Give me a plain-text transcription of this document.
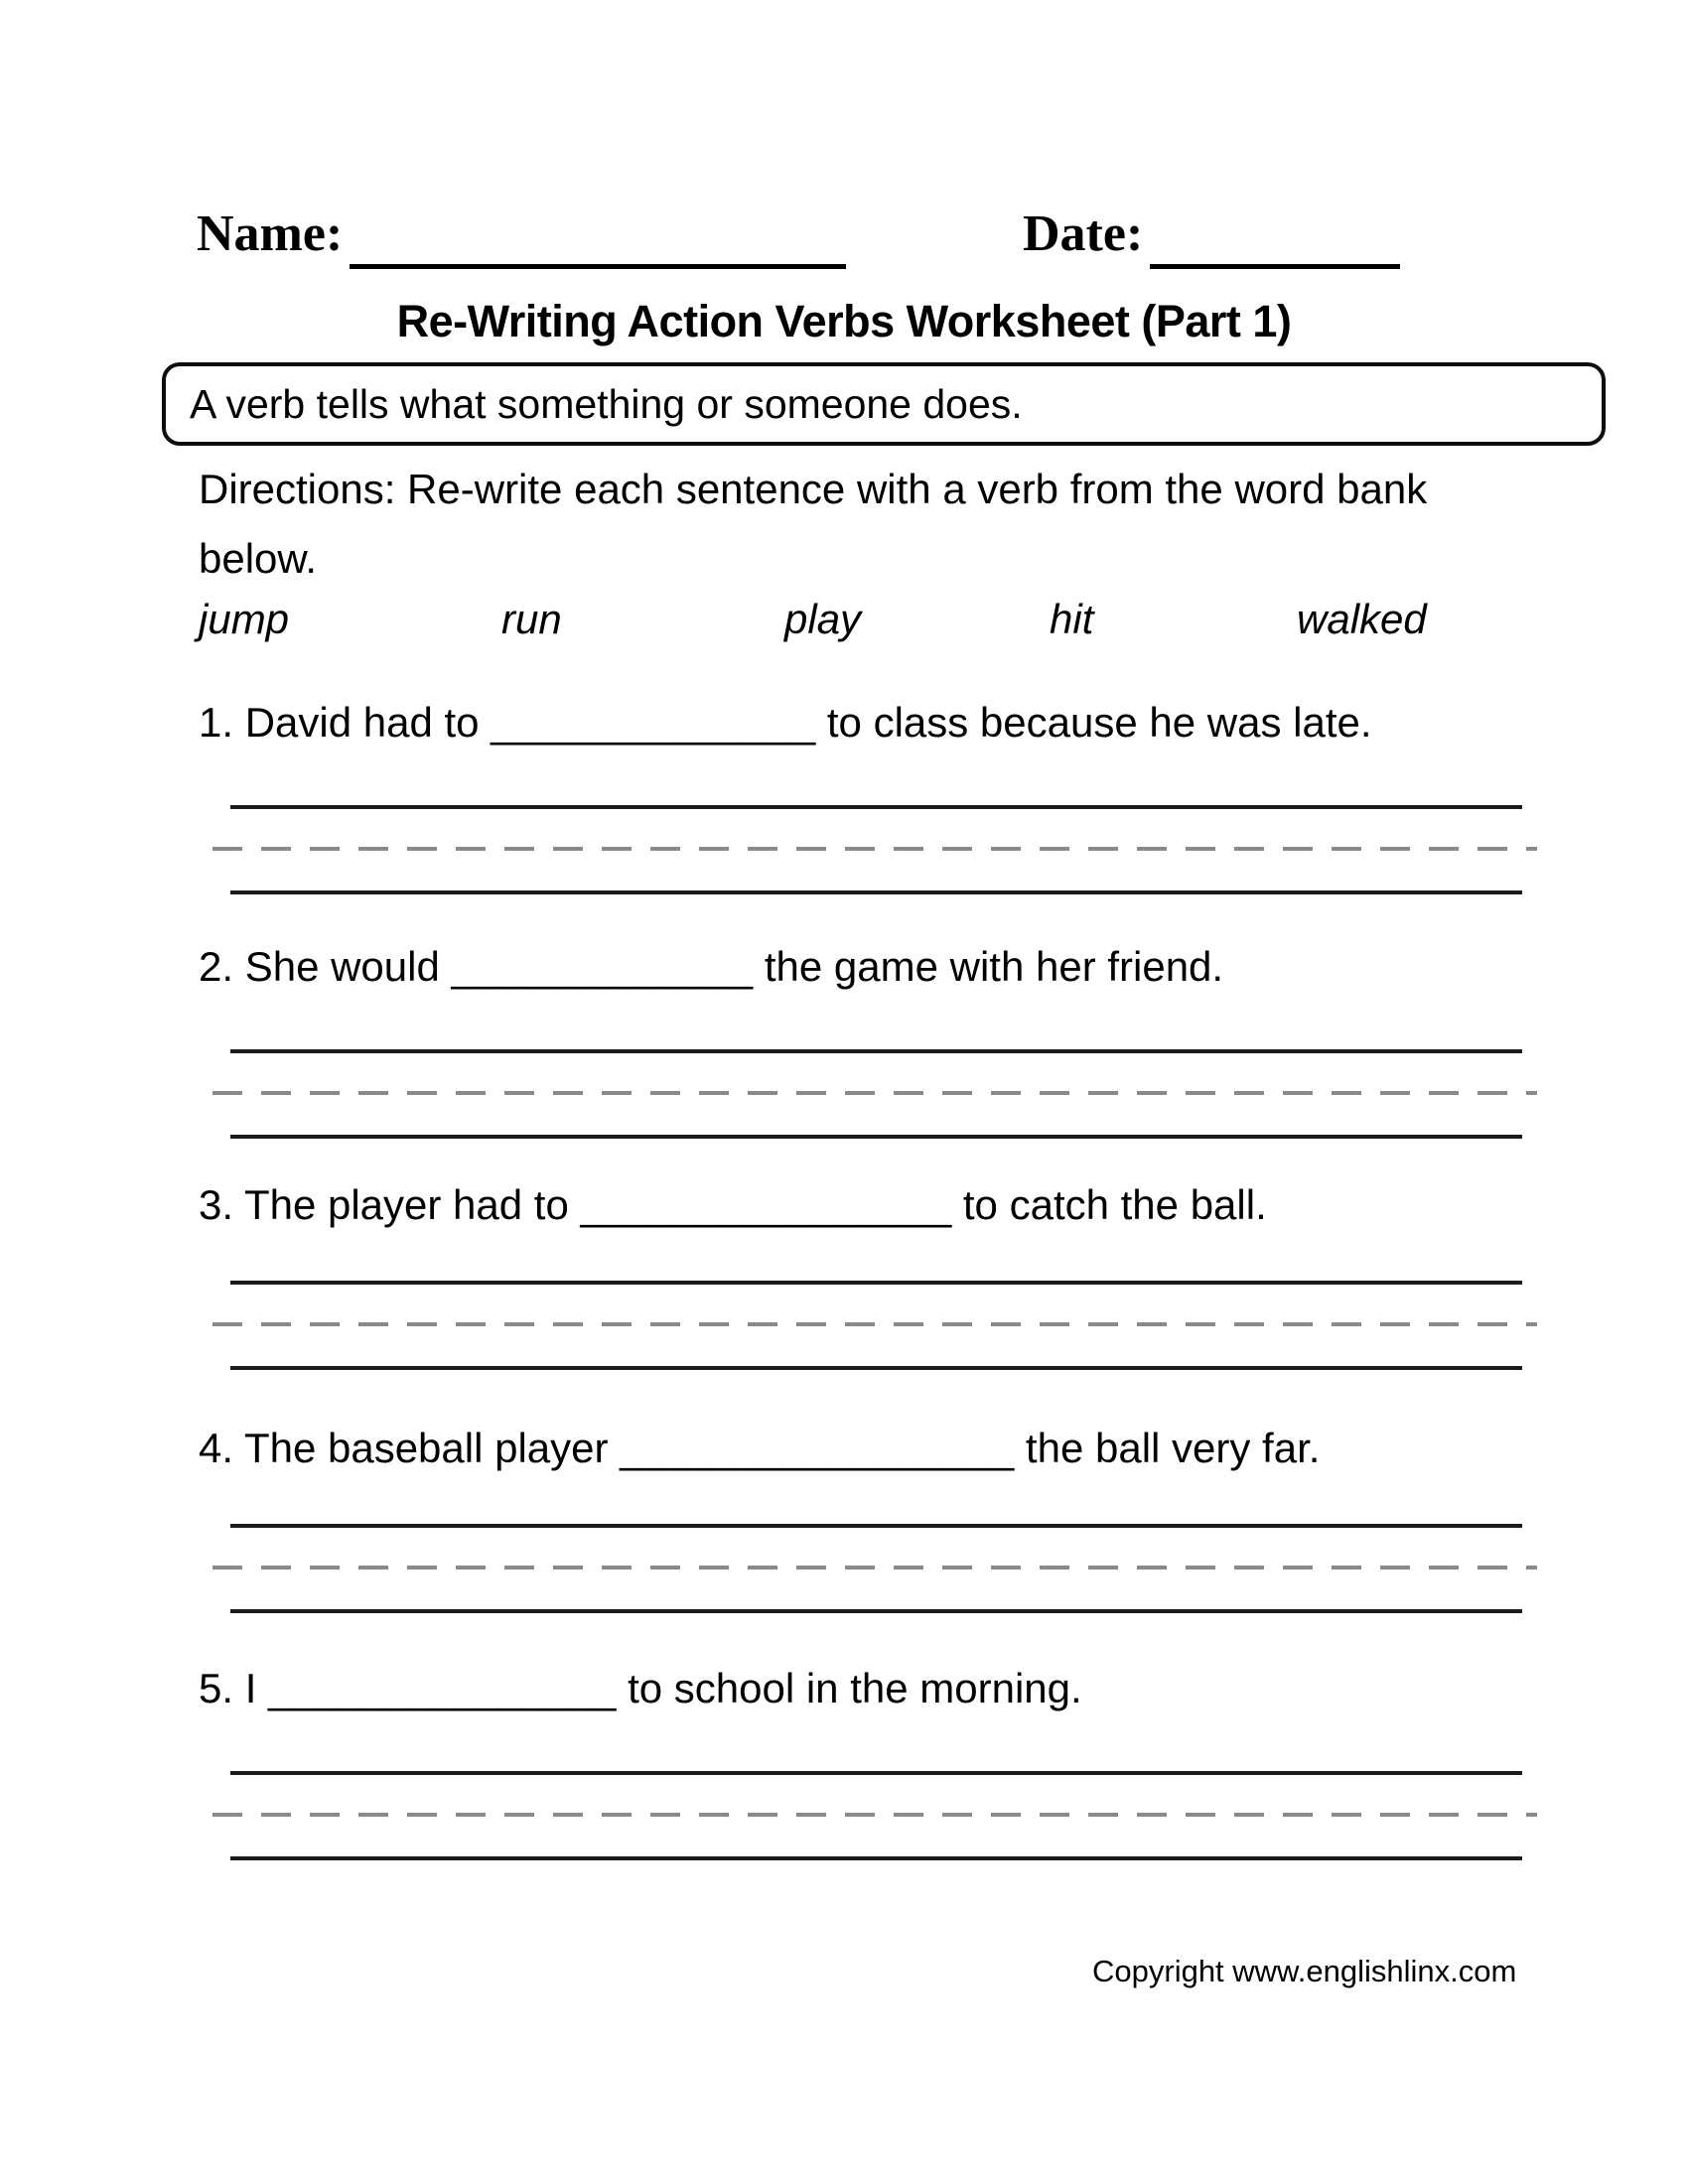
Name:	Date:
Re-Writing Action Verbs Worksheet (Part 1)
A verb tells what something or someone does.
Directions: Re-write each sentence with a verb from the word bank below.
jump	run	play	hit	walked
1. David had to ______________ to class because he was late.
2. She would _____________ the game with her friend.
3. The player had to ________________ to catch the ball.
4. The baseball player _________________ the ball very far.
5. I _______________ to school in the morning.
Copyright www.englishlinx.com
